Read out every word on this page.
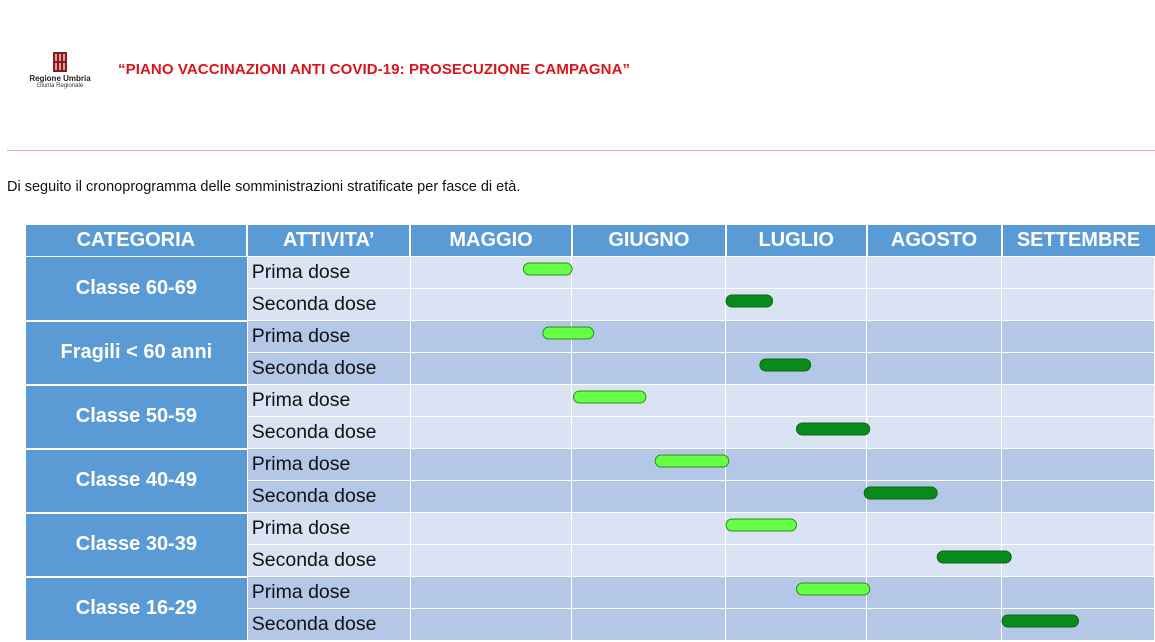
Regione Umbria
Giunta Regionale
“PIANO VACCINAZIONI ANTI COVID-19: PROSECUZIONE CAMPAGNA”
Di seguito il cronoprogramma delle somministrazioni stratificate per fasce di età.
CATEGORIA	ATTIVITA’	MAGGIO	GIUGNO	LUGLIO	AGOSTO	SETTEMBRE
Classe 60-69	Prima dose					
	Seconda dose					
Fragili < 60 anni	Prima dose					
	Seconda dose					
Classe 50-59	Prima dose					
	Seconda dose					
Classe 40-49	Prima dose					
	Seconda dose					
Classe 30-39	Prima dose					
	Seconda dose					
Classe 16-29	Prima dose					
	Seconda dose					
